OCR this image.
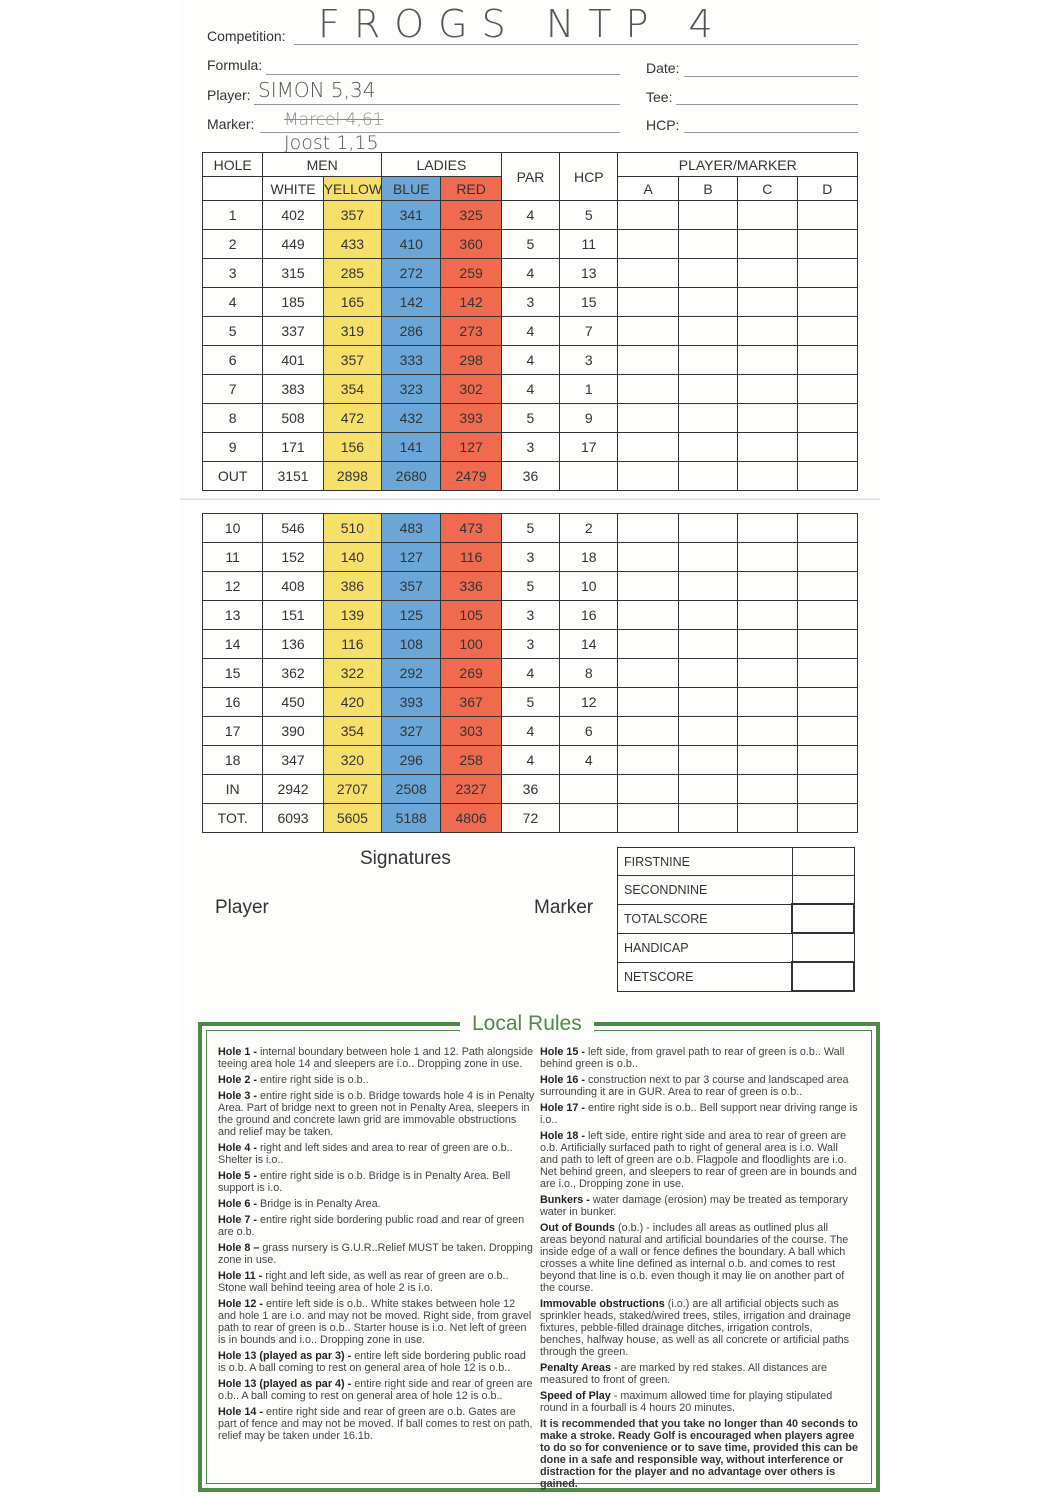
Competition: FROGS NTP 4
Formula:	Date:
Player: SIMON 5,34	Tee:
Marker: Marcel 4,61
Joost 1,15
HCP:
HOLE	MEN		LADIES		PAR	HCP	PLAYER/MARKER			
	WHITE	YELLOW	BLUE	RED			A	B	C	D
1	402	357	341	325	4	5				
2	449	433	410	360	5	11				
3	315	285	272	259	4	13				
4	185	165	142	142	3	15				
5	337	319	286	273	4	7				
6	401	357	333	298	4	3				
7	383	354	323	302	4	1				
8	508	472	432	393	5	9				
9	171	156	141	127	3	17				
OUT	3151	2898	2680	2479	36					
10	546	510	483	473	5	2				
11	152	140	127	116	3	18				
12	408	386	357	336	5	10				
13	151	139	125	105	3	16				
14	136	116	108	100	3	14				
15	362	322	292	269	4	8				
16	450	420	393	367	5	12				
17	390	354	327	303	4	6				
18	347	320	296	258	4	4				
IN	2942	2707	2508	2327	36					
TOT.	6093	5605	5188	4806	72					
Signatures
Player	Marker
FIRSTNINE	
SECONDNINE	
TOTALSCORE	
HANDICAP	
NETSCORE	
Local Rules

Hole 1 - internal boundary between hole 1 and 12. Path alongside teeing area hole 14 and sleepers are i.o.. Dropping zone in use.

Hole 2 - entire right side is o.b..

Hole 3 - entire right side is o.b. Bridge towards hole 4 is in Penalty Area. Part of bridge next to green not in Penalty Area, sleepers in the ground and concrete lawn grid are immovable obstructions and relief may be taken.

Hole 4 - right and left sides and area to rear of green are o.b.. Shelter is i.o..

Hole 5 - entire right side is o.b. Bridge is in Penalty Area. Bell support is i.o.

Hole 6 - Bridge is in Penalty Area.

Hole 7 - entire right side bordering public road and rear of green are o.b.

Hole 8 – grass nursery is G.U.R..Relief MUST be taken. Dropping zone in use.

Hole 11 - right and left side, as well as rear of green are o.b.. Stone wall behind teeing area of hole 2 is i.o.

Hole 12 - entire left side is o.b.. White stakes between hole 12 and hole 1 are i.o. and may not be moved. Right side, from gravel path to rear of green is o.b.. Starter house is i.o. Net left of green is in bounds and i.o.. Dropping zone in use.

Hole 13 (played as par 3) - entire left side bordering public road is o.b. A ball coming to rest on general area of hole 12 is o.b..

Hole 13 (played as par 4) - entire right side and rear of green are o.b.. A ball coming to rest on general area of hole 12 is o.b..

Hole 14 - entire right side and rear of green are o.b. Gates are part of fence and may not be moved. If ball comes to rest on path, relief may be taken under 16.1b.

Hole 15 - left side, from gravel path to rear of green is o.b.. Wall behind green is o.b..

Hole 16 - construction next to par 3 course and landscaped area surrounding it are in GUR. Area to rear of green is o.b..

Hole 17 - entire right side is o.b.. Bell support near driving range is i.o..

Hole 18 - left side, entire right side and area to rear of green are o.b. Artificially surfaced path to right of general area is i.o. Wall and path to left of green are o.b. Flagpole and floodlights are i.o. Net behind green, and sleepers to rear of green are in bounds and are i.o., Dropping zone in use.

Bunkers - water damage (erosion) may be treated as temporary water in bunker.

Out of Bounds (o.b.) - includes all areas as outlined plus all areas beyond natural and artificial boundaries of the course. The inside edge of a wall or fence defines the boundary. A ball which crosses a white line defined as internal o.b. and comes to rest beyond that line is o.b. even though it may lie on another part of the course.

Immovable obstructions (i.o.) are all artificial objects such as sprinkler heads, staked/wired trees, stiles, irrigation and drainage fixtures, pebble-filled drainage ditches, irrigation controls, benches, halfway house, as well as all concrete or artificial paths through the green.

Penalty Areas - are marked by red stakes. All distances are measured to front of green.

Speed of Play - maximum allowed time for playing stipulated round in a fourball is 4 hours 20 minutes.

It is recommended that you take no longer than 40 seconds to make a stroke. Ready Golf is encouraged when players agree to do so for convenience or to save time, provided this can be done in a safe and responsible way, without interference or distraction for the player and no advantage over others is gained.
